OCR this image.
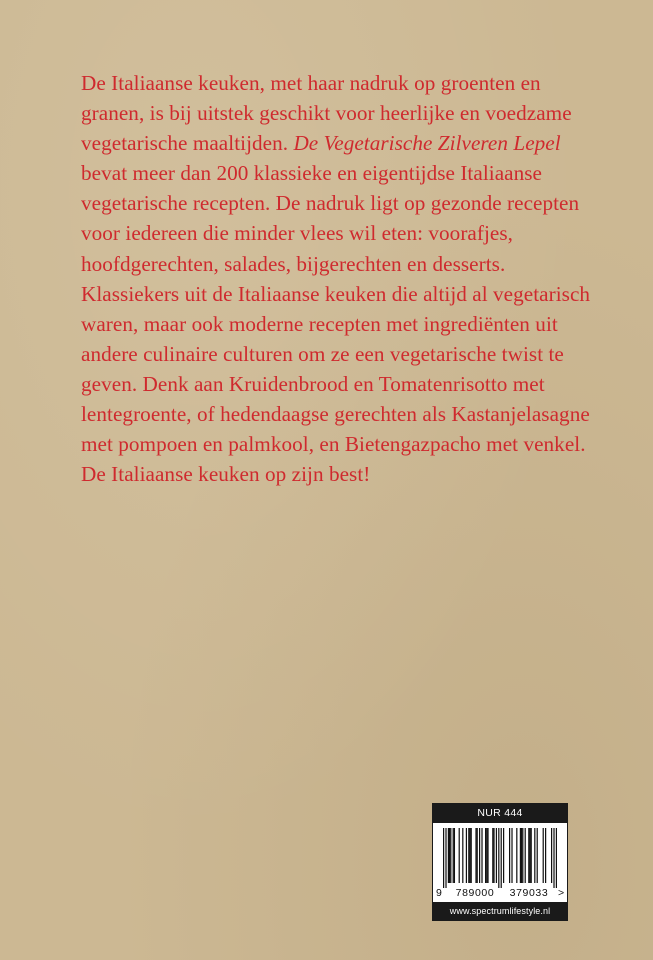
De Italiaanse keuken, met haar nadruk op groenten en granen, is bij uitstek geschikt voor heerlijke en voedzame vegetarische maaltijden. De Vegetarische Zilveren Lepel bevat meer dan 200 klassieke en eigentijdse Italiaanse vegetarische recepten. De nadruk ligt op gezonde recepten voor iedereen die minder vlees wil eten: voorafjes, hoofdgerechten, salades, bijgerechten en desserts. Klassiekers uit de Italiaanse keuken die altijd al vegetarisch waren, maar ook moderne recepten met ingrediënten uit andere culinaire culturen om ze een vegetarische twist te geven. Denk aan Kruidenbrood en Tomatenrisotto met lentegroente, of hedendaagse gerechten als Kastanjelasagne met pompoen en palmkool, en Bietengazpacho met venkel. De Italiaanse keuken op zijn best!

NUR 444

9

	789000

	379033

>

www.spectrumlifestyle.nl
